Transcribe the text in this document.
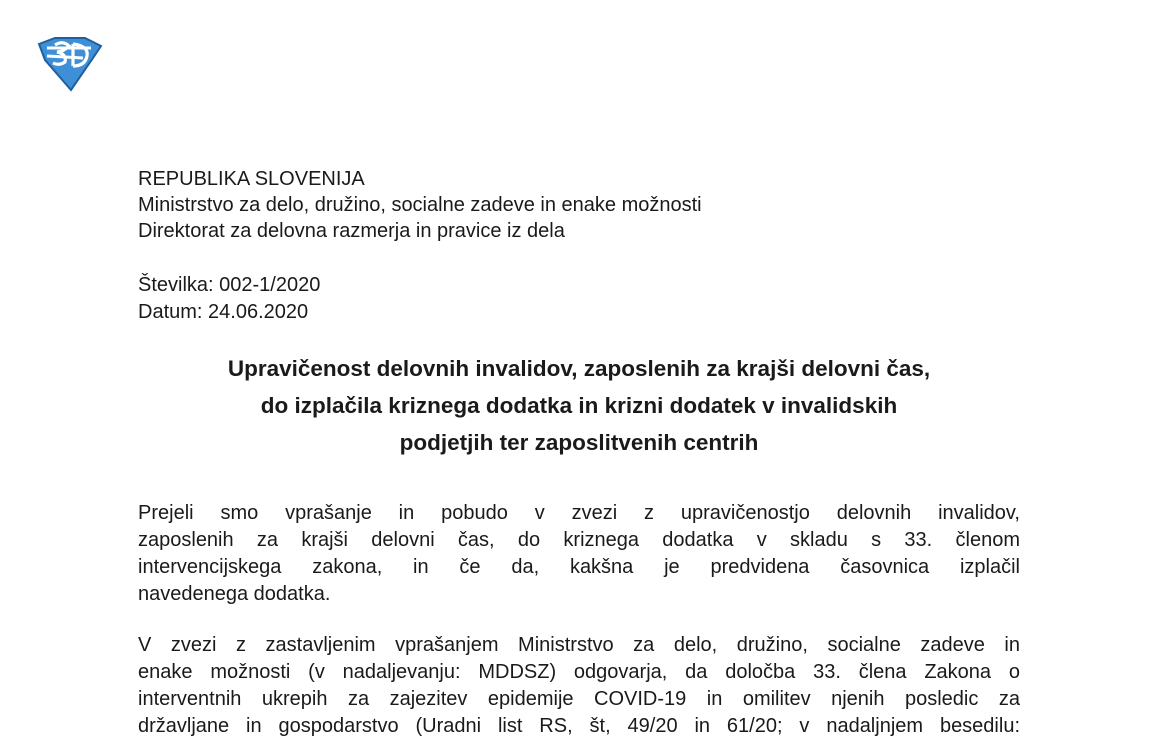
REPUBLIKA SLOVENIJA
Ministrstvo za delo, družino, socialne zadeve in enake možnosti
Direktorat za delovna razmerja in pravice iz dela
Številka: 002-1/2020
Datum: 24.06.2020
Upravičenost delovnih invalidov, zaposlenih za krajši delovni čas,
do izplačila kriznega dodatka in krizni dodatek v invalidskih
podjetjih ter zaposlitvenih centrih
Prejeli smo vprašanje in pobudo v zvezi z upravičenostjo delovnih invalidov,
zaposlenih za krajši delovni čas, do kriznega dodatka v skladu s 33. členom
intervencijskega zakona, in če da, kakšna je predvidena časovnica izplačil
navedenega dodatka.
V zvezi z zastavljenim vprašanjem Ministrstvo za delo, družino, socialne zadeve in
enake možnosti (v nadaljevanju: MDDSZ) odgovarja, da določba 33. člena Zakona o
interventnih ukrepih za zajezitev epidemije COVID-19 in omilitev njenih posledic za
državljane in gospodarstvo (Uradni list RS, št, 49/20 in 61/20; v nadaljnjem besedilu:
